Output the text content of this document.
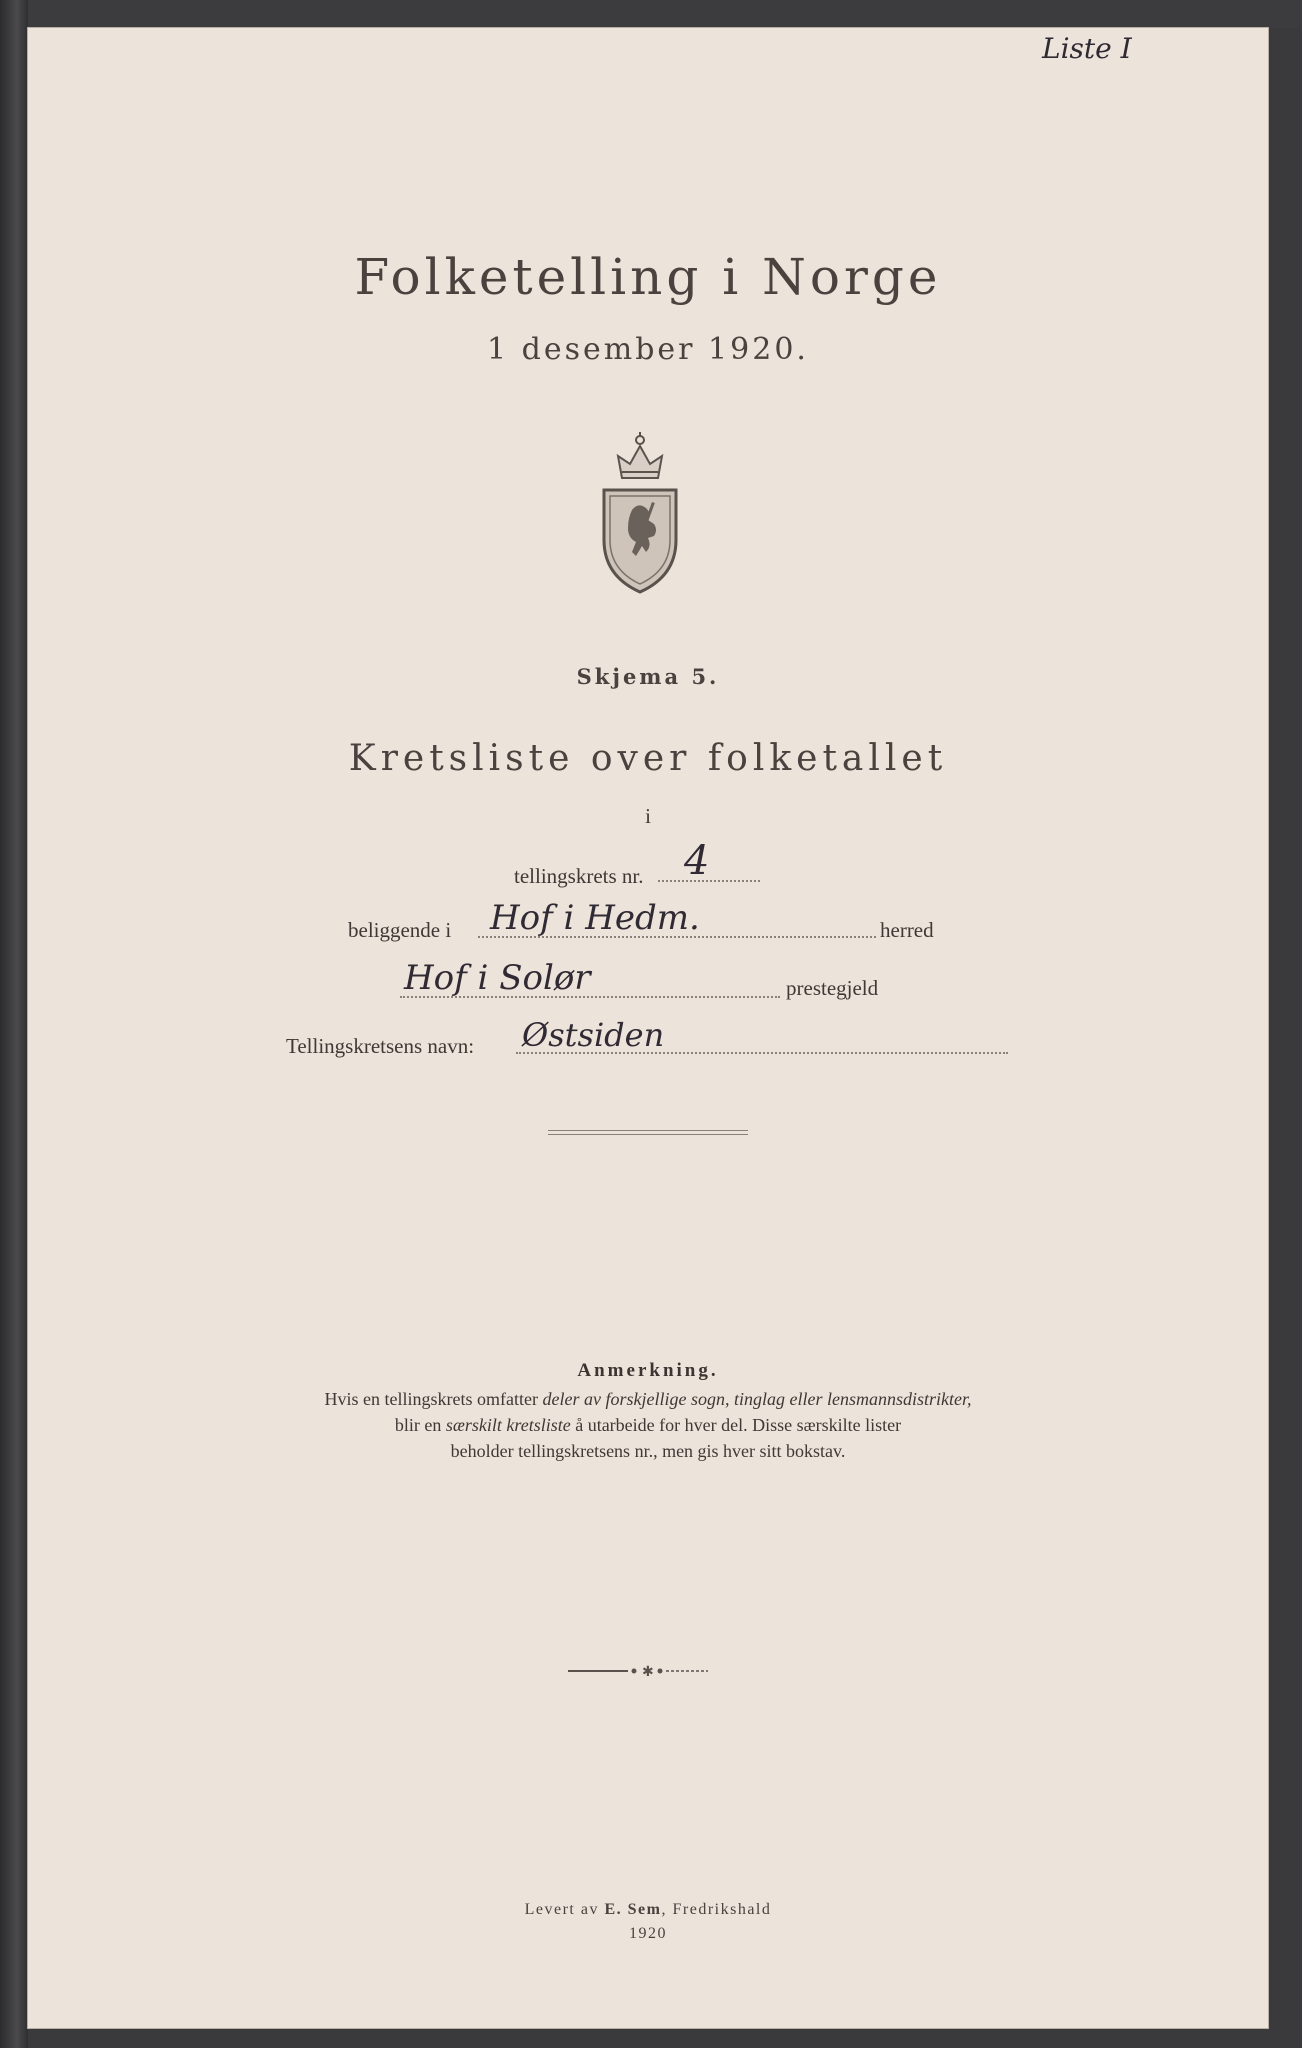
Liste I
Folketelling i Norge
1 desember 1920.
Skjema 5.
Kretsliste over folketallet
i
tellingskrets nr. 4
beliggende i Hof i Hedm.	herred
Hof i Solør	prestegjeld
Tellingskretsens navn: Østsiden
Anmerkning.
Hvis en tellingskrets omfatter deler av forskjellige sogn, tinglag eller lensmannsdistrikter,
blir en særskilt kretsliste å utarbeide for hver del. Disse særskilte lister
beholder tellingskretsens nr., men gis hver sitt bokstav.
✱
Levert av E. Sem, Fredrikshald
1920
